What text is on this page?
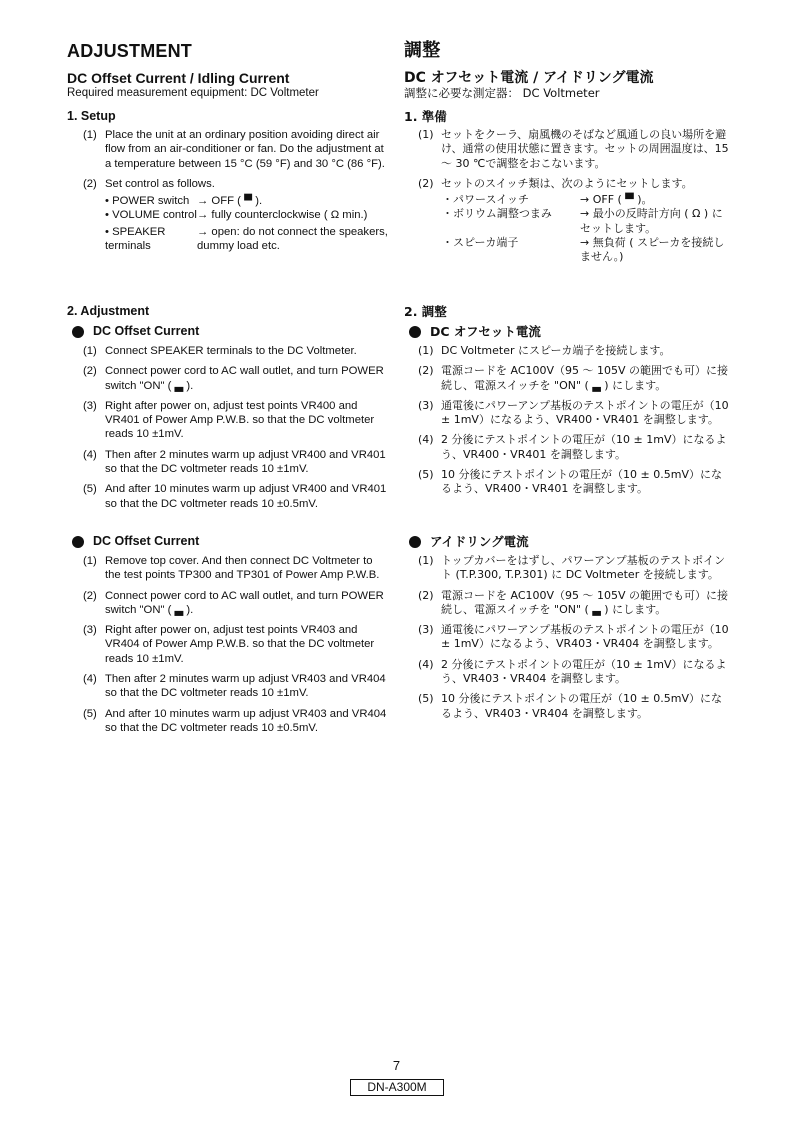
ADJUSTMENT
DC Offset Current / Idling Current
Required measurement equipment: DC Voltmeter
1. Setup
(1) Place the unit at an ordinary position avoiding direct air flow from an air-conditioner or fan. Do the adjustment at a temperature between 15 °C (59 °F) and 30 °C (86 °F).
(2) Set control as follows.
• POWER switch → OFF ( ▀ ).
• VOLUME control → fully counterclockwise ( Ω min.)
• SPEAKER terminals
→ open: do not connect the speakers, dummy load etc.
2. Adjustment
DC Offset Current
(1) Connect SPEAKER terminals to the DC Voltmeter.
(2) Connect power cord to AC wall outlet, and turn POWER switch "ON" ( ▃ ).
(3) Right after power on, adjust test points VR400 and VR401 of Power Amp P.W.B. so that the DC voltmeter reads 10 ±1mV.
(4) Then after 2 minutes warm up adjust VR400 and VR401 so that the DC voltmeter reads 10 ±1mV.
(5) And after 10 minutes warm up adjust VR400 and VR401 so that the DC voltmeter reads 10 ±0.5mV.
DC Offset Current
(1) Remove top cover. And then connect DC Voltmeter to the test points TP300 and TP301 of Power Amp P.W.B.
(2) Connect power cord to AC wall outlet, and turn POWER switch "ON" ( ▃ ).
(3) Right after power on, adjust test points VR403 and VR404 of Power Amp P.W.B. so that the DC voltmeter reads 10 ±1mV.
(4) Then after 2 minutes warm up adjust VR403 and VR404 so that the DC voltmeter reads 10 ±1mV.
(5) And after 10 minutes warm up adjust VR403 and VR404 so that the DC voltmeter reads 10 ±0.5mV.
調整
DC オフセット電流 / アイドリング電流
調整に必要な測定器： DC Voltmeter
1. 準備
(1) セットをクーラ、扇風機のそばなど風通しの良い場所を避け、通常の使用状態に置きます。セットの周囲温度は、15 〜 30 ℃で調整をおこないます。
(2) セットのスイッチ類は、次のようにセットします。
・パワースイッチ	→ OFF ( ▀ )。
・ボリウム調整つまみ	→ 最小の反時計方向 ( Ω ) にセットします。
・スピーカ端子	→ 無負荷 ( スピーカを接続しません。)
2. 調整
DC オフセット電流
(1) DC Voltmeter にスピーカ端子を接続します。
(2) 電源コードを AC100V（95 〜 105V の範囲でも可）に接続し、電源スイッチを "ON" ( ▃ ) にします。
(3) 通電後にパワーアンプ基板のテストポイントの電圧が（10 ± 1mV）になるよう、VR400・VR401 を調整します。
(4) 2 分後にテストポイントの電圧が（10 ± 1mV）になるよう、VR400・VR401 を調整します。
(5) 10 分後にテストポイントの電圧が（10 ± 0.5mV）になるよう、VR400・VR401 を調整します。
アイドリング電流
(1) トップカバーをはずし、パワーアンプ基板のテストポイント (T.P.300, T.P.301) に DC Voltmeter を接続します。
(2) 電源コードを AC100V（95 〜 105V の範囲でも可）に接続し、電源スイッチを "ON" ( ▃ ) にします。
(3) 通電後にパワーアンプ基板のテストポイントの電圧が（10 ± 1mV）になるよう、VR403・VR404 を調整します。
(4) 2 分後にテストポイントの電圧が（10 ± 1mV）になるよう、VR403・VR404 を調整します。
(5) 10 分後にテストポイントの電圧が（10 ± 0.5mV）になるよう、VR403・VR404 を調整します。
7
DN-A300M
